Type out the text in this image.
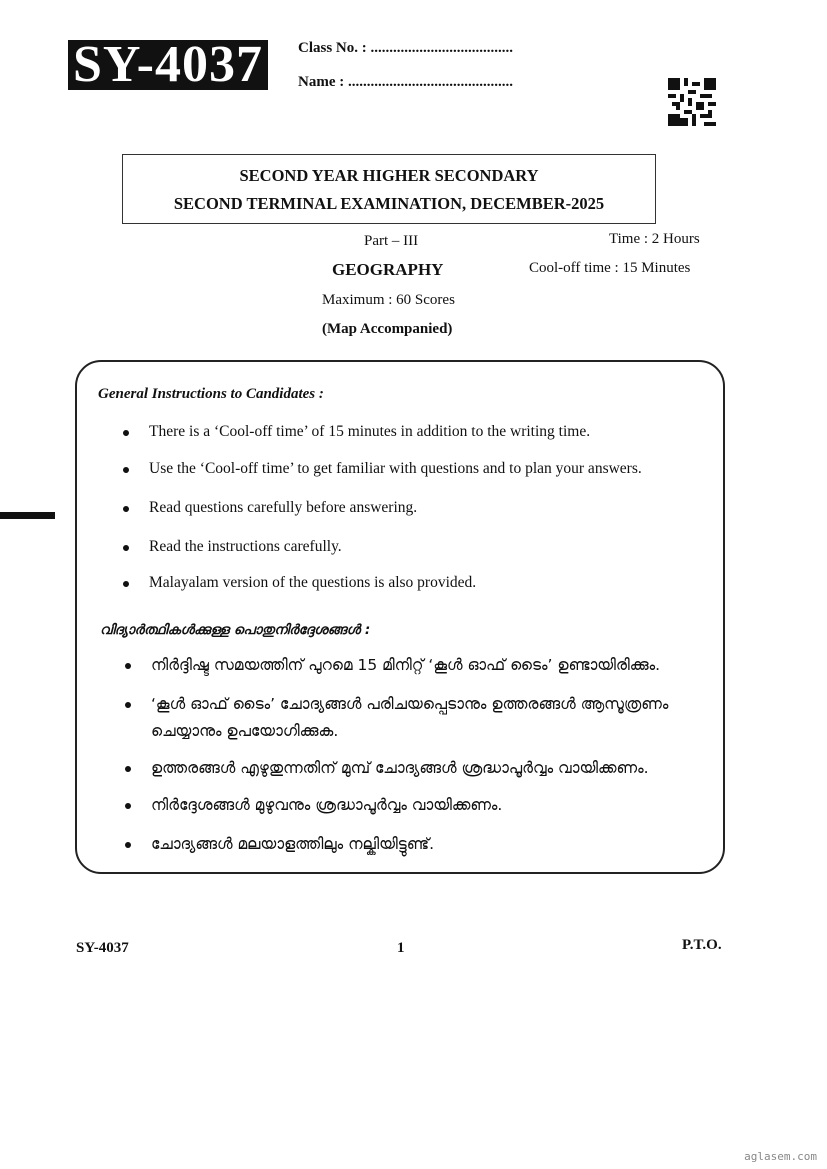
SY-4037	Class No. : ......................................
Name : ............................................
SECOND YEAR HIGHER SECONDARY
SECOND TERMINAL EXAMINATION, DECEMBER-2025
Part – III
GEOGRAPHY
Maximum : 60 Scores
(Map Accompanied)
Time : 2 Hours
Cool-off time : 15 Minutes
General Instructions to Candidates :
There is a ‘Cool-off time’ of 15 minutes in addition to the writing time.
Use the ‘Cool-off time’ to get familiar with questions and to plan your answers.
Read questions carefully before answering.
Read the instructions carefully.
Malayalam version of the questions is also provided.
വിദ്യാർത്ഥികൾക്കുള്ള പൊതുനിർദ്ദേശങ്ങൾ :
നിർദ്ദിഷ്ട സമയത്തിന് പുറമെ 15 മിനിറ്റ് ‘കൂൾ ഓഫ് ടൈം’ ഉണ്ടായിരിക്കും.
‘കൂൾ ഓഫ് ടൈം’ ചോദ്യങ്ങൾ പരിചയപ്പെടാനും ഉത്തരങ്ങൾ ആസൂത്രണം
ചെയ്യാനും ഉപയോഗിക്കുക.
ഉത്തരങ്ങൾ എഴുതുന്നതിന് മുമ്പ് ചോദ്യങ്ങൾ ശ്രദ്ധാപൂർവ്വം വായിക്കണം.
നിർദ്ദേശങ്ങൾ മുഴുവനും ശ്രദ്ധാപൂർവ്വം വായിക്കണം.
ചോദ്യങ്ങൾ മലയാളത്തിലും നല്കിയിട്ടുണ്ട്.
SY-4037	1	P.T.O.
aglasem.com
